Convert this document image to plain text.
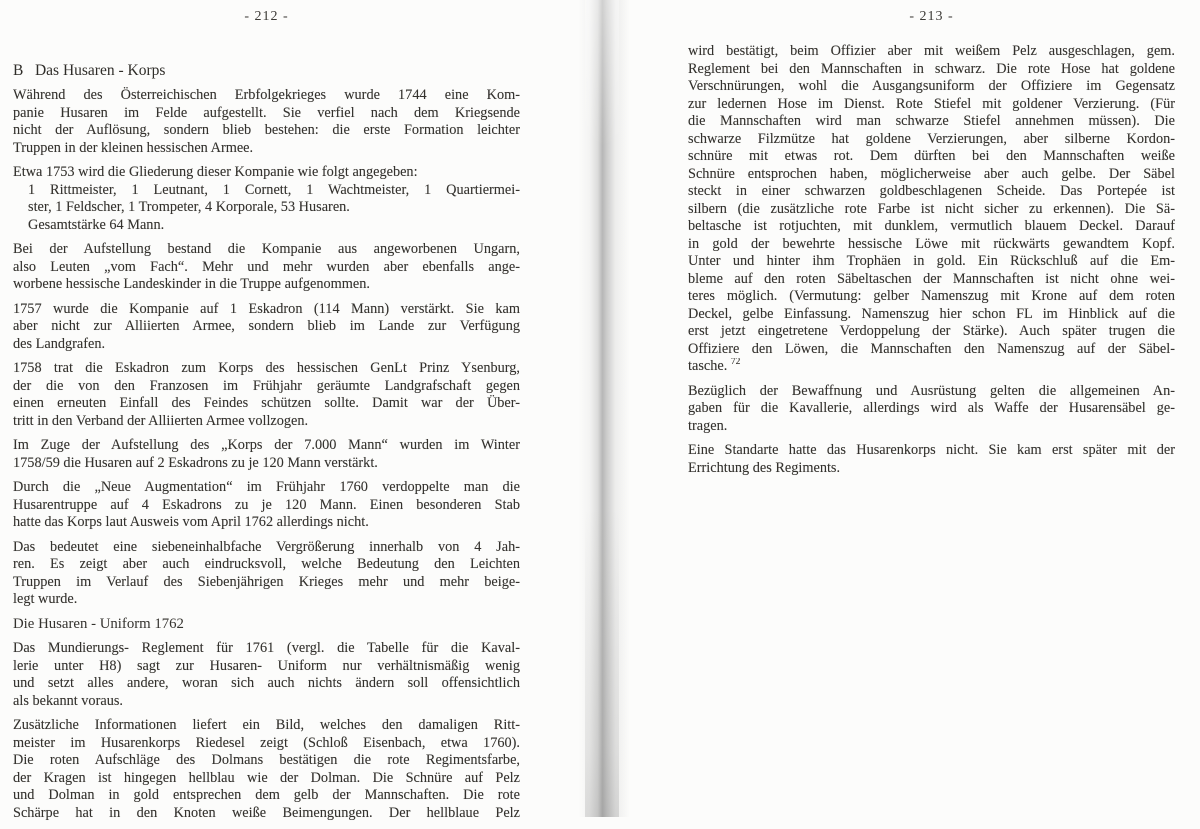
- 212 -
B   Das Husaren - Korps
Während des Österreichischen Erbfolgekrieges wurde 1744 eine Kom-
panie Husaren im Felde aufgestellt. Sie verfiel nach dem Kriegsende
nicht der Auflösung, sondern blieb bestehen: die erste Formation leichter
Truppen in der kleinen hessischen Armee.
Etwa 1753 wird die Gliederung dieser Kompanie wie folgt angegeben:
1 Rittmeister, 1 Leutnant, 1 Cornett, 1 Wachtmeister, 1 Quartiermei-
ster, 1 Feldscher, 1 Trompeter, 4 Korporale, 53 Husaren.
Gesamtstärke 64 Mann.
Bei der Aufstellung bestand die Kompanie aus angeworbenen Ungarn,
also Leuten „vom Fach“. Mehr und mehr wurden aber ebenfalls ange-
worbene hessische Landeskinder in die Truppe aufgenommen.
1757 wurde die Kompanie auf 1 Eskadron (114 Mann) verstärkt. Sie kam
aber nicht zur Alliierten Armee, sondern blieb im Lande zur Verfügung
des Landgrafen.
1758 trat die Eskadron zum Korps des hessischen GenLt Prinz Ysenburg,
der die von den Franzosen im Frühjahr geräumte Landgrafschaft gegen
einen erneuten Einfall des Feindes schützen sollte. Damit war der Über-
tritt in den Verband der Alliierten Armee vollzogen.
Im Zuge der Aufstellung des „Korps der 7.000 Mann“ wurden im Winter
1758/59 die Husaren auf 2 Eskadrons zu je 120 Mann verstärkt.
Durch die „Neue Augmentation“ im Frühjahr 1760 verdoppelte man die
Husarentruppe auf 4 Eskadrons zu je 120 Mann. Einen besonderen Stab
hatte das Korps laut Ausweis vom April 1762 allerdings nicht.
Das bedeutet eine siebeneinhalbfache Vergrößerung innerhalb von 4 Jah-
ren. Es zeigt aber auch eindrucksvoll, welche Bedeutung den Leichten
Truppen im Verlauf des Siebenjährigen Krieges mehr und mehr beige-
legt wurde.
Die Husaren - Uniform 1762
Das Mundierungs- Reglement für 1761 (vergl. die Tabelle für die Kaval-
lerie unter H8) sagt zur Husaren- Uniform nur verhältnismäßig wenig
und setzt alles andere, woran sich auch nichts ändern soll offensichtlich
als bekannt voraus.
Zusätzliche Informationen liefert ein Bild, welches den damaligen Ritt-
meister im Husarenkorps Riedesel zeigt (Schloß Eisenbach, etwa 1760).
Die roten Aufschläge des Dolmans bestätigen die rote Regimentsfarbe,
der Kragen ist hingegen hellblau wie der Dolman. Die Schnüre auf Pelz
und Dolman in gold entsprechen dem gelb der Mannschaften. Die rote
Schärpe hat in den Knoten weiße Beimengungen. Der hellblaue Pelz
- 213 -
wird bestätigt, beim Offizier aber mit weißem Pelz ausgeschlagen, gem.
Reglement bei den Mannschaften in schwarz. Die rote Hose hat goldene
Verschnürungen, wohl die Ausgangsuniform der Offiziere im Gegensatz
zur ledernen Hose im Dienst. Rote Stiefel mit goldener Verzierung. (Für
die Mannschaften wird man schwarze Stiefel annehmen müssen). Die
schwarze Filzmütze hat goldene Verzierungen, aber silberne Kordon-
schnüre mit etwas rot. Dem dürften bei den Mannschaften weiße
Schnüre entsprochen haben, möglicherweise aber auch gelbe. Der Säbel
steckt in einer schwarzen goldbeschlagenen Scheide. Das Portepée ist
silbern (die zusätzliche rote Farbe ist nicht sicher zu erkennen). Die Sä-
beltasche ist rotjuchten, mit dunklem, vermutlich blauem Deckel. Darauf
in gold der bewehrte hessische Löwe mit rückwärts gewandtem Kopf.
Unter und hinter ihm Trophäen in gold. Ein Rückschluß auf die Em-
bleme auf den roten Säbeltaschen der Mannschaften ist nicht ohne wei-
teres möglich. (Vermutung: gelber Namenszug mit Krone auf dem roten
Deckel, gelbe Einfassung. Namenszug hier schon FL im Hinblick auf die
erst jetzt eingetretene Verdoppelung der Stärke). Auch später trugen die
Offiziere den Löwen, die Mannschaften den Namenszug auf der Säbel-
tasche. $^{72}$
Bezüglich der Bewaffnung und Ausrüstung gelten die allgemeinen An-
gaben für die Kavallerie, allerdings wird als Waffe der Husarensäbel ge-
tragen.
Eine Standarte hatte das Husarenkorps nicht. Sie kam erst später mit der
Errichtung des Regiments.
